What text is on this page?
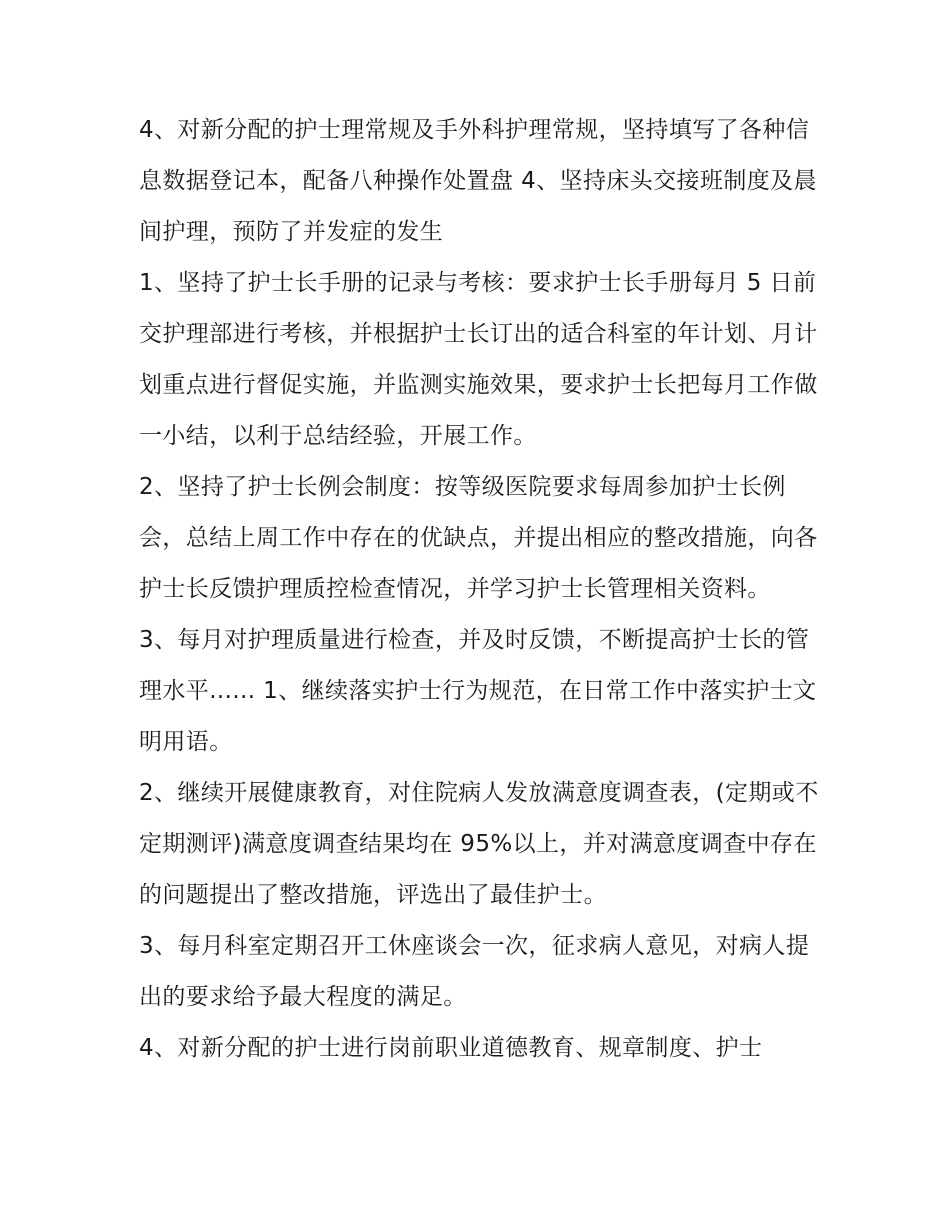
4、对新分配的护士理常规及手外科护理常规，坚持填写了各种信息数据登记本，配备八种操作处置盘 4、坚持床头交接班制度及晨间护理，预防了并发症的发生

1、坚持了护士长手册的记录与考核：要求护士长手册每月 5 日前交护理部进行考核，并根据护士长订出的适合科室的年计划、月计划重点进行督促实施，并监测实施效果，要求护士长把每月工作做一小结，以利于总结经验，开展工作。

2、坚持了护士长例会制度：按等级医院要求每周参加护士长例会，总结上周工作中存在的优缺点，并提出相应的整改措施，向各护士长反馈护理质控检查情况，并学习护士长管理相关资料。

3、每月对护理质量进行检查，并及时反馈，不断提高护士长的管理水平...... 1、继续落实护士行为规范，在日常工作中落实护士文明用语。

2、继续开展健康教育，对住院病人发放满意度调查表，(定期或不定期测评)满意度调查结果均在 95%以上，并对满意度调查中存在的问题提出了整改措施，评选出了最佳护士。

3、每月科室定期召开工休座谈会一次，征求病人意见，对病人提出的要求给予最大程度的满足。

4、对新分配的护士进行岗前职业道德教育、规章制度、护士
